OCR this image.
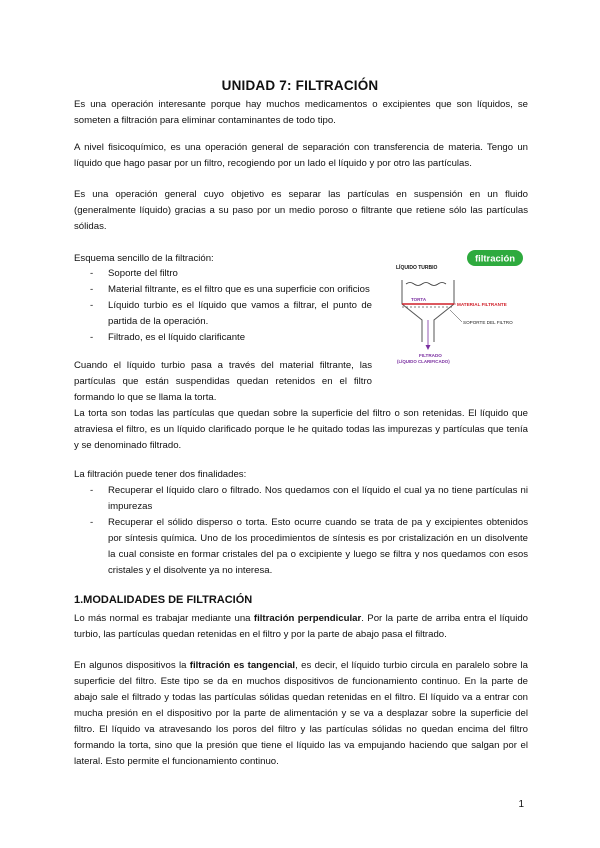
UNIDAD 7: FILTRACIÓN
Es una operación interesante porque hay muchos medicamentos o excipientes que son líquidos, se someten a filtración para eliminar contaminantes de todo tipo.
A nivel fisicoquímico, es una operación general de separación con transferencia de materia. Tengo un líquido que hago pasar por un filtro, recogiendo por un lado el líquido y por otro las partículas.
Es una operación general cuyo objetivo es separar las partículas en suspensión en un fluido (generalmente líquido) gracias a su paso por un medio poroso o filtrante que retiene sólo las partículas sólidas.
Esquema sencillo de la filtración:
- Soporte del filtro
- Material filtrante, es el filtro que es una superficie con orificios
- Líquido turbio es el líquido que vamos a filtrar, el punto de partida de la operación.
- Filtrado, es el líquido clarificante
Cuando el líquido turbio pasa a través del material filtrante, las partículas que están suspendidas quedan retenidos en el filtro formando lo que se llama la torta.
filtración
LÍQUIDO TURBIO
TORTA
MATERIAL FILTRANTE
SOPORTE DEL FILTRO
FILTRADO
(LÍQUIDO CLARIFICADO)
La torta son todas las partículas que quedan sobre la superficie del filtro o son retenidas. El líquido que atraviesa el filtro, es un líquido clarificado porque le he quitado todas las impurezas y partículas que tenía y se denominado filtrado.
La filtración puede tener dos finalidades:
- Recuperar el líquido claro o filtrado. Nos quedamos con el líquido el cual ya no tiene partículas ni impurezas
- Recuperar el sólido disperso o torta. Esto ocurre cuando se trata de pa y excipientes obtenidos por síntesis química. Uno de los procedimientos de síntesis es por cristalización en un disolvente la cual consiste en formar cristales del pa o excipiente y luego se filtra y nos quedamos con esos cristales y el disolvente ya no interesa.
1.MODALIDADES DE FILTRACIÓN
Lo más normal es trabajar mediante una filtración perpendicular. Por la parte de arriba entra el líquido turbio, las partículas quedan retenidas en el filtro y por la parte de abajo pasa el filtrado.
En algunos dispositivos la filtración es tangencial, es decir, el líquido turbio circula en paralelo sobre la superficie del filtro. Este tipo se da en muchos dispositivos de funcionamiento continuo. En la parte de abajo sale el filtrado y todas las partículas sólidas quedan retenidas en el filtro. El líquido va a entrar con mucha presión en el dispositivo por la parte de alimentación y se va a desplazar sobre la superficie del filtro. El líquido va atravesando los poros del filtro y las partículas sólidas no quedan encima del filtro formando la torta, sino que la presión que tiene el líquido las va empujando haciendo que salgan por el lateral. Esto permite el funcionamiento continuo.
1
